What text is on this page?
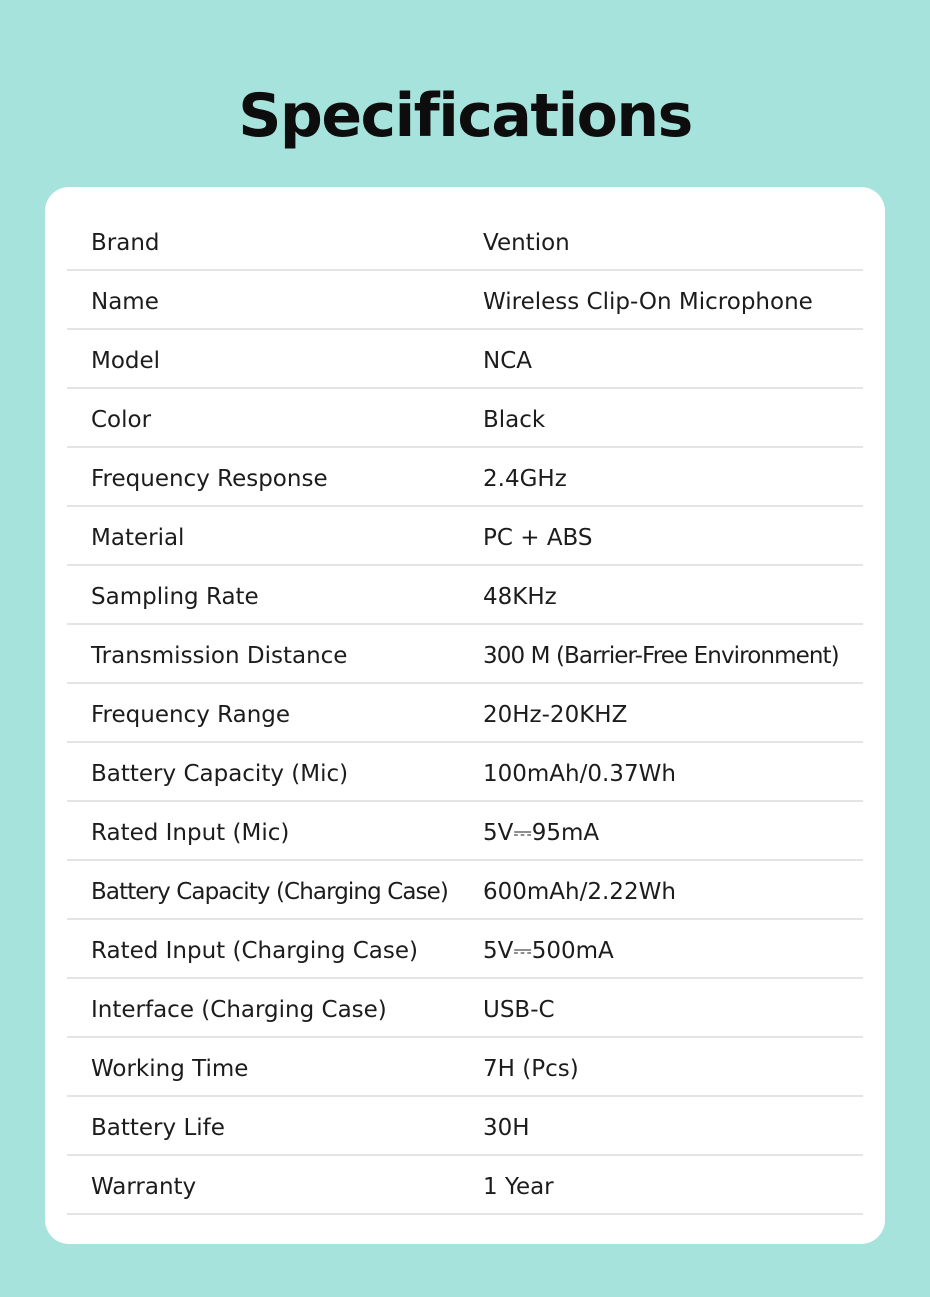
Specifications
Brand	Vention
Name	Wireless Clip-On Microphone
Model	NCA
Color	Black
Frequency Response	2.4GHz
Material	PC + ABS
Sampling Rate	48KHz
Transmission Distance	300 M (Barrier-Free Environment)
Frequency Range	20Hz-20KHZ
Battery Capacity (Mic)	100mAh/0.37Wh
Rated Input (Mic)	5V⎓95mA
Battery Capacity (Charging Case)	600mAh/2.22Wh
Rated Input (Charging Case)	5V⎓500mA
Interface (Charging Case)	USB-C
Working Time	7H (Pcs)
Battery Life	30H
Warranty	1 Year
